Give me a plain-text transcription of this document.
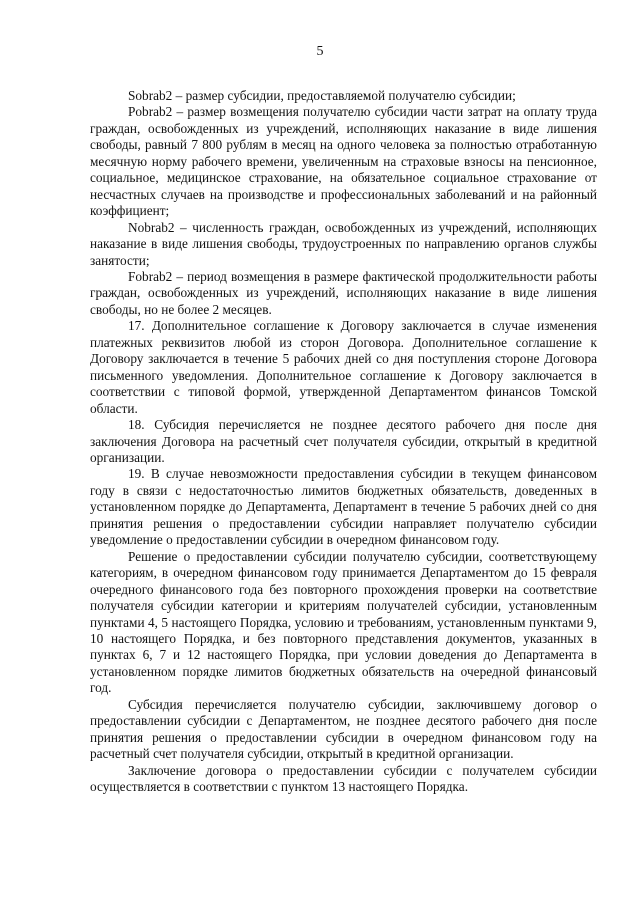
5

Sobrab2 – размер субсидии, предоставляемой получателю субсидии;

Pobrab2 – размер возмещения получателю субсидии части затрат на оплату труда граждан, освобожденных из учреждений, исполняющих наказание в виде лишения свободы, равный 7 800 рублям в месяц на одного человека за полностью отработанную месячную норму рабочего времени, увеличенным на страховые взносы на пенсионное, социальное, медицинское страхование, на обязательное социальное страхование от несчастных случаев на производстве и профессиональных заболеваний и на районный коэффициент;

Nobrab2 – численность граждан, освобожденных из учреждений, исполняющих наказание в виде лишения свободы, трудоустроенных по направлению органов службы занятости;

Fobrab2 – период возмещения в размере фактической продолжительности работы граждан, освобожденных из учреждений, исполняющих наказание в виде лишения свободы, но не более 2 месяцев.

17. Дополнительное соглашение к Договору заключается в случае изменения платежных реквизитов любой из сторон Договора. Дополнительное соглашение к Договору заключается в течение 5 рабочих дней со дня поступления стороне Договора письменного уведомления. Дополнительное соглашение к Договору заключается в соответствии с типовой формой, утвержденной Департаментом финансов Томской области.

18. Субсидия перечисляется не позднее десятого рабочего дня после дня заключения Договора на расчетный счет получателя субсидии, открытый в кредитной организации.

19. В случае невозможности предоставления субсидии в текущем финансовом году в связи с недостаточностью лимитов бюджетных обязательств, доведенных в установленном порядке до Департамента, Департамент в течение 5 рабочих дней со дня принятия решения о предоставлении субсидии направляет получателю субсидии уведомление о предоставлении субсидии в очередном финансовом году.

Решение о предоставлении субсидии получателю субсидии, соответствующему категориям, в очередном финансовом году принимается Департаментом до 15 февраля очередного финансового года без повторного прохождения проверки на соответствие получателя субсидии категории и критериям получателей субсидии, установленным пунктами 4, 5 настоящего Порядка, условию и требованиям, установленным пунктами 9, 10 настоящего Порядка, и без повторного представления документов, указанных в пунктах 6, 7 и 12 настоящего Порядка, при условии доведения до Департамента в установленном порядке лимитов бюджетных обязательств на очередной финансовый год.

Субсидия перечисляется получателю субсидии, заключившему договор о предоставлении субсидии с Департаментом, не позднее десятого рабочего дня после принятия решения о предоставлении субсидии в очередном финансовом году на расчетный счет получателя субсидии, открытый в кредитной организации.

Заключение договора о предоставлении субсидии с получателем субсидии осуществляется в соответствии с пунктом 13 настоящего Порядка.
